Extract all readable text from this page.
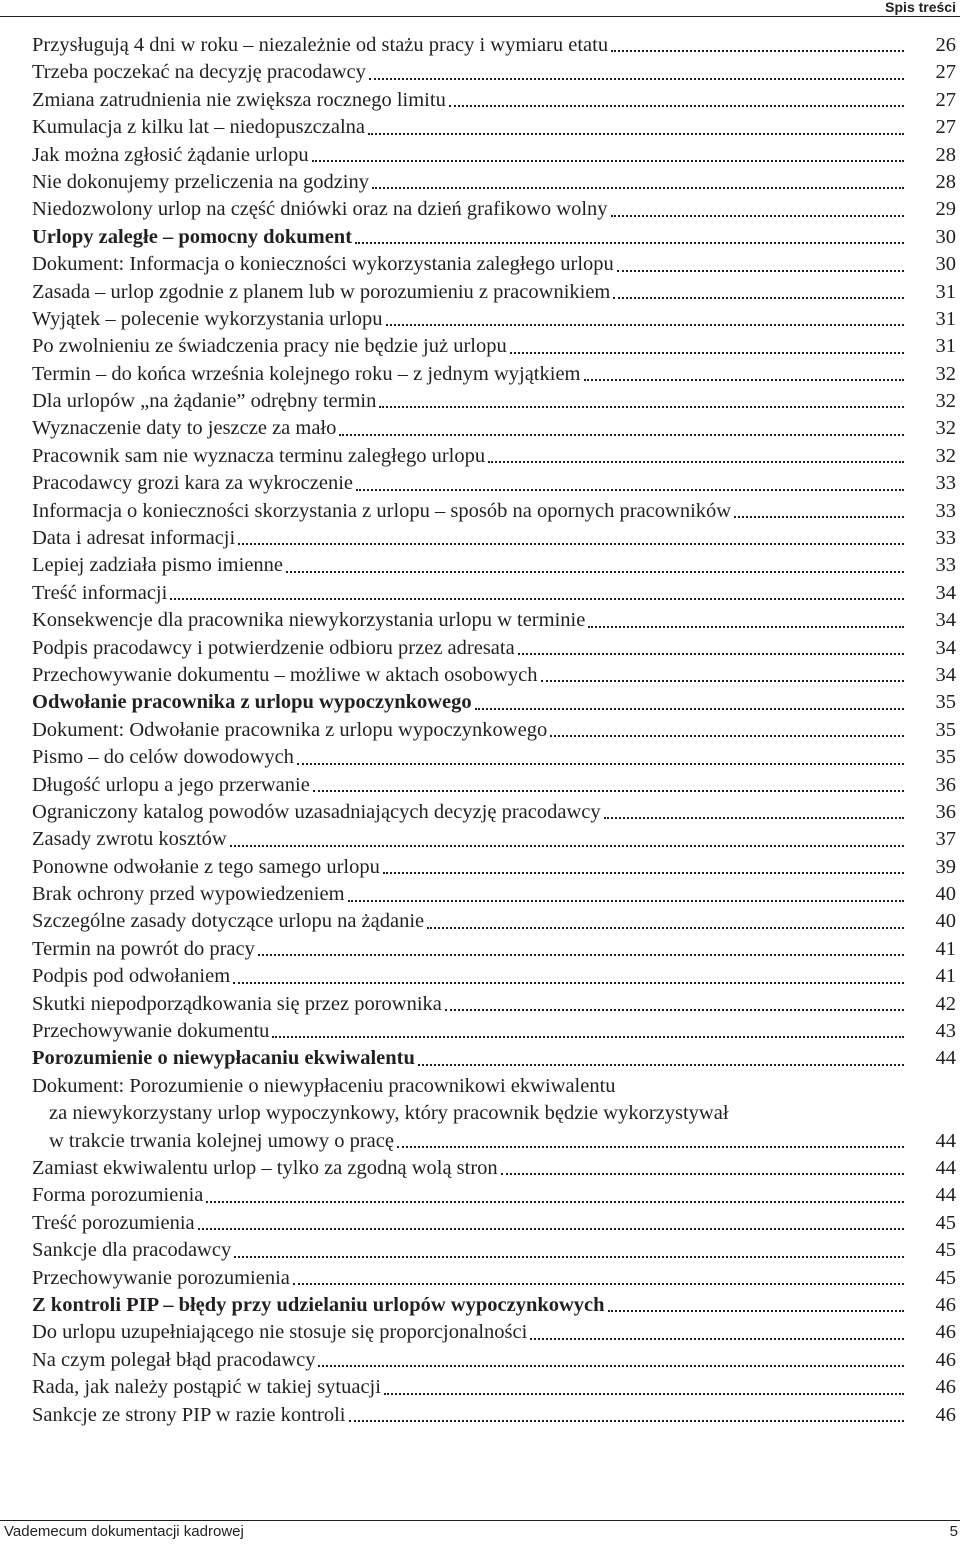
Spis treści
Przysługują 4 dni w roku – niezależnie od stażu pracy i wymiaru etatu	26
Trzeba poczekać na decyzję pracodawcy	27
Zmiana zatrudnienia nie zwiększa rocznego limitu	27
Kumulacja z kilku lat – niedopuszczalna	27
Jak można zgłosić żądanie urlopu	28
Nie dokonujemy przeliczenia na godziny	28
Niedozwolony urlop na część dniówki oraz na dzień grafikowo wolny	29
Urlopy zaległe – pomocny dokument	30
Dokument: Informacja o konieczności wykorzystania zaległego urlopu	30
Zasada – urlop zgodnie z planem lub w porozumieniu z pracownikiem	31
Wyjątek – polecenie wykorzystania urlopu	31
Po zwolnieniu ze świadczenia pracy nie będzie już urlopu	31
Termin – do końca września kolejnego roku – z jednym wyjątkiem	32
Dla urlopów „na żądanie” odrębny termin	32
Wyznaczenie daty to jeszcze za mało	32
Pracownik sam nie wyznacza terminu zaległego urlopu	32
Pracodawcy grozi kara za wykroczenie	33
Informacja o konieczności skorzystania z urlopu – sposób na opornych pracowników	33
Data i adresat informacji	33
Lepiej zadziała pismo imienne	33
Treść informacji	34
Konsekwencje dla pracownika niewykorzystania urlopu w terminie	34
Podpis pracodawcy i potwierdzenie odbioru przez adresata	34
Przechowywanie dokumentu – możliwe w aktach osobowych	34
Odwołanie pracownika z urlopu wypoczynkowego	35
Dokument: Odwołanie pracownika z urlopu wypoczynkowego	35
Pismo – do celów dowodowych	35
Długość urlopu a jego przerwanie	36
Ograniczony katalog powodów uzasadniających decyzję pracodawcy	36
Zasady zwrotu kosztów	37
Ponowne odwołanie z tego samego urlopu	39
Brak ochrony przed wypowiedzeniem	40
Szczególne zasady dotyczące urlopu na żądanie	40
Termin na powrót do pracy	41
Podpis pod odwołaniem	41
Skutki niepodporządkowania się przez porownika	42
Przechowywanie dokumentu	43
Porozumienie o niewypłacaniu ekwiwalentu	44
Dokument: Porozumienie o niewypłaceniu pracownikowi ekwiwalentu
za niewykorzystany urlop wypoczynkowy, który pracownik będzie wykorzystywał
w trakcie trwania kolejnej umowy o pracę	44
Zamiast ekwiwalentu urlop – tylko za zgodną wolą stron	44
Forma porozumienia	44
Treść porozumienia	45
Sankcje dla pracodawcy	45
Przechowywanie porozumienia	45
Z kontroli PIP – błędy przy udzielaniu urlopów wypoczynkowych	46
Do urlopu uzupełniającego nie stosuje się proporcjonalności	46
Na czym polegał błąd pracodawcy	46
Rada, jak należy postąpić w takiej sytuacji	46
Sankcje ze strony PIP w razie kontroli	46
Vademecum dokumentacji kadrowej	5
